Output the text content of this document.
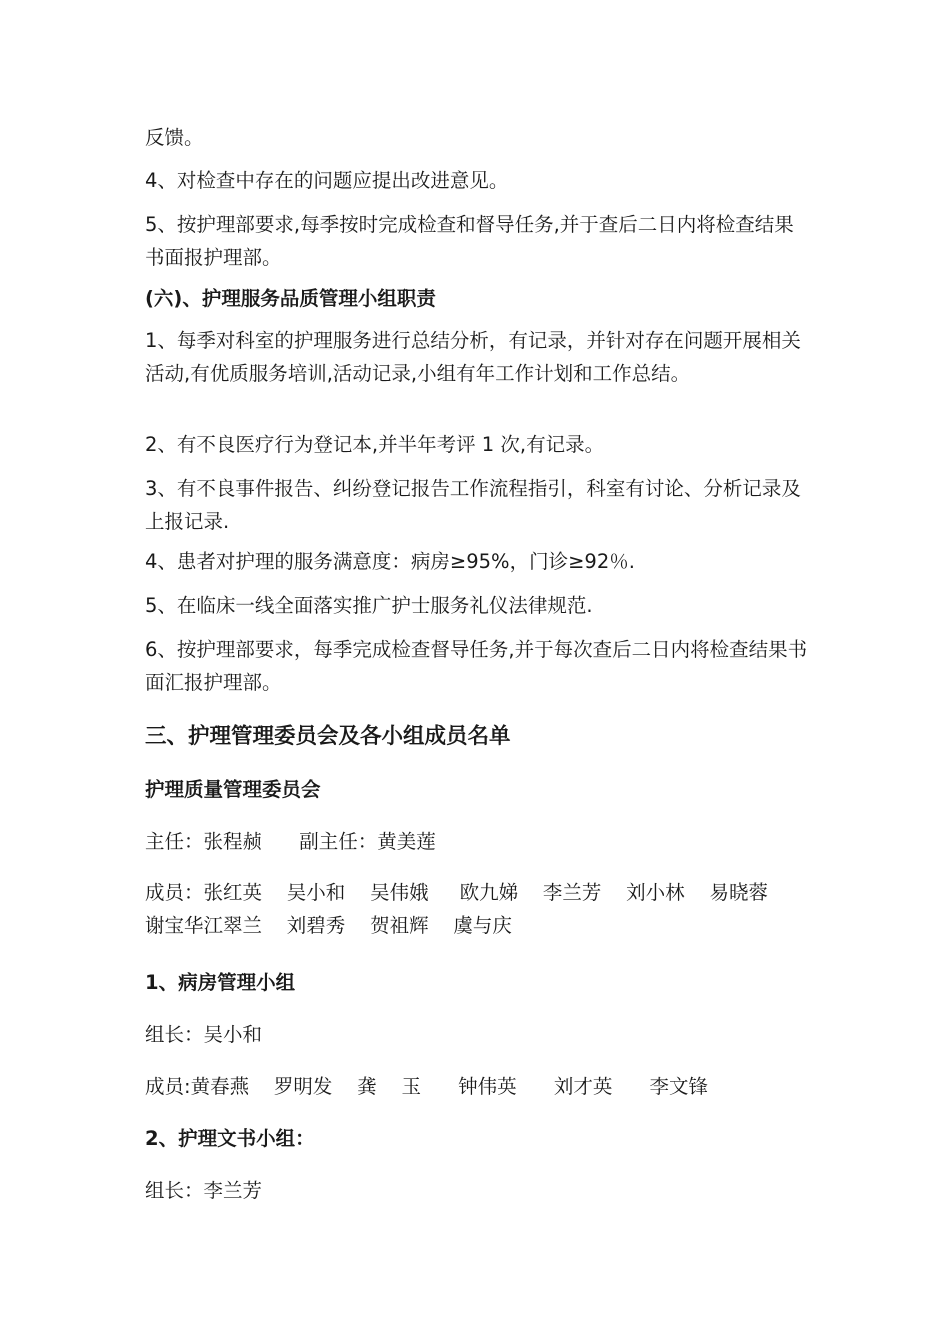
反馈。

4、对检查中存在的问题应提出改进意见。

5、按护理部要求,每季按时完成检查和督导任务,并于查后二日内将检查结果书面报护理部。

(六)、护理服务品质管理小组职责

1、每季对科室的护理服务进行总结分析，有记录，并针对存在问题开展相关活动,有优质服务培训,活动记录,小组有年工作计划和工作总结。

2、有不良医疗行为登记本,并半年考评 1 次,有记录。

3、有不良事件报告、纠纷登记报告工作流程指引，科室有讨论、分析记录及上报记录.

4、患者对护理的服务满意度：病房≥95%，门诊≥92％.

5、在临床一线全面落实推广护士服务礼仪法律规范.

6、按护理部要求，每季完成检查督导任务,并于每次查后二日内将检查结果书面汇报护理部。

三、护理管理委员会及各小组成员名单

护理质量管理委员会

主任：张程赪      副主任：黄美莲

成员：张红英    吴小和    吴伟娥     欧九娣    李兰芳    刘小林    易晓蓉    谢宝华江翠兰    刘碧秀    贺祖辉    虞与庆

1、病房管理小组

组长：吴小和

成员:黄春燕    罗明发    龚    玉      钟伟英      刘才英      李文锋

2、护理文书小组：

组长：李兰芳
